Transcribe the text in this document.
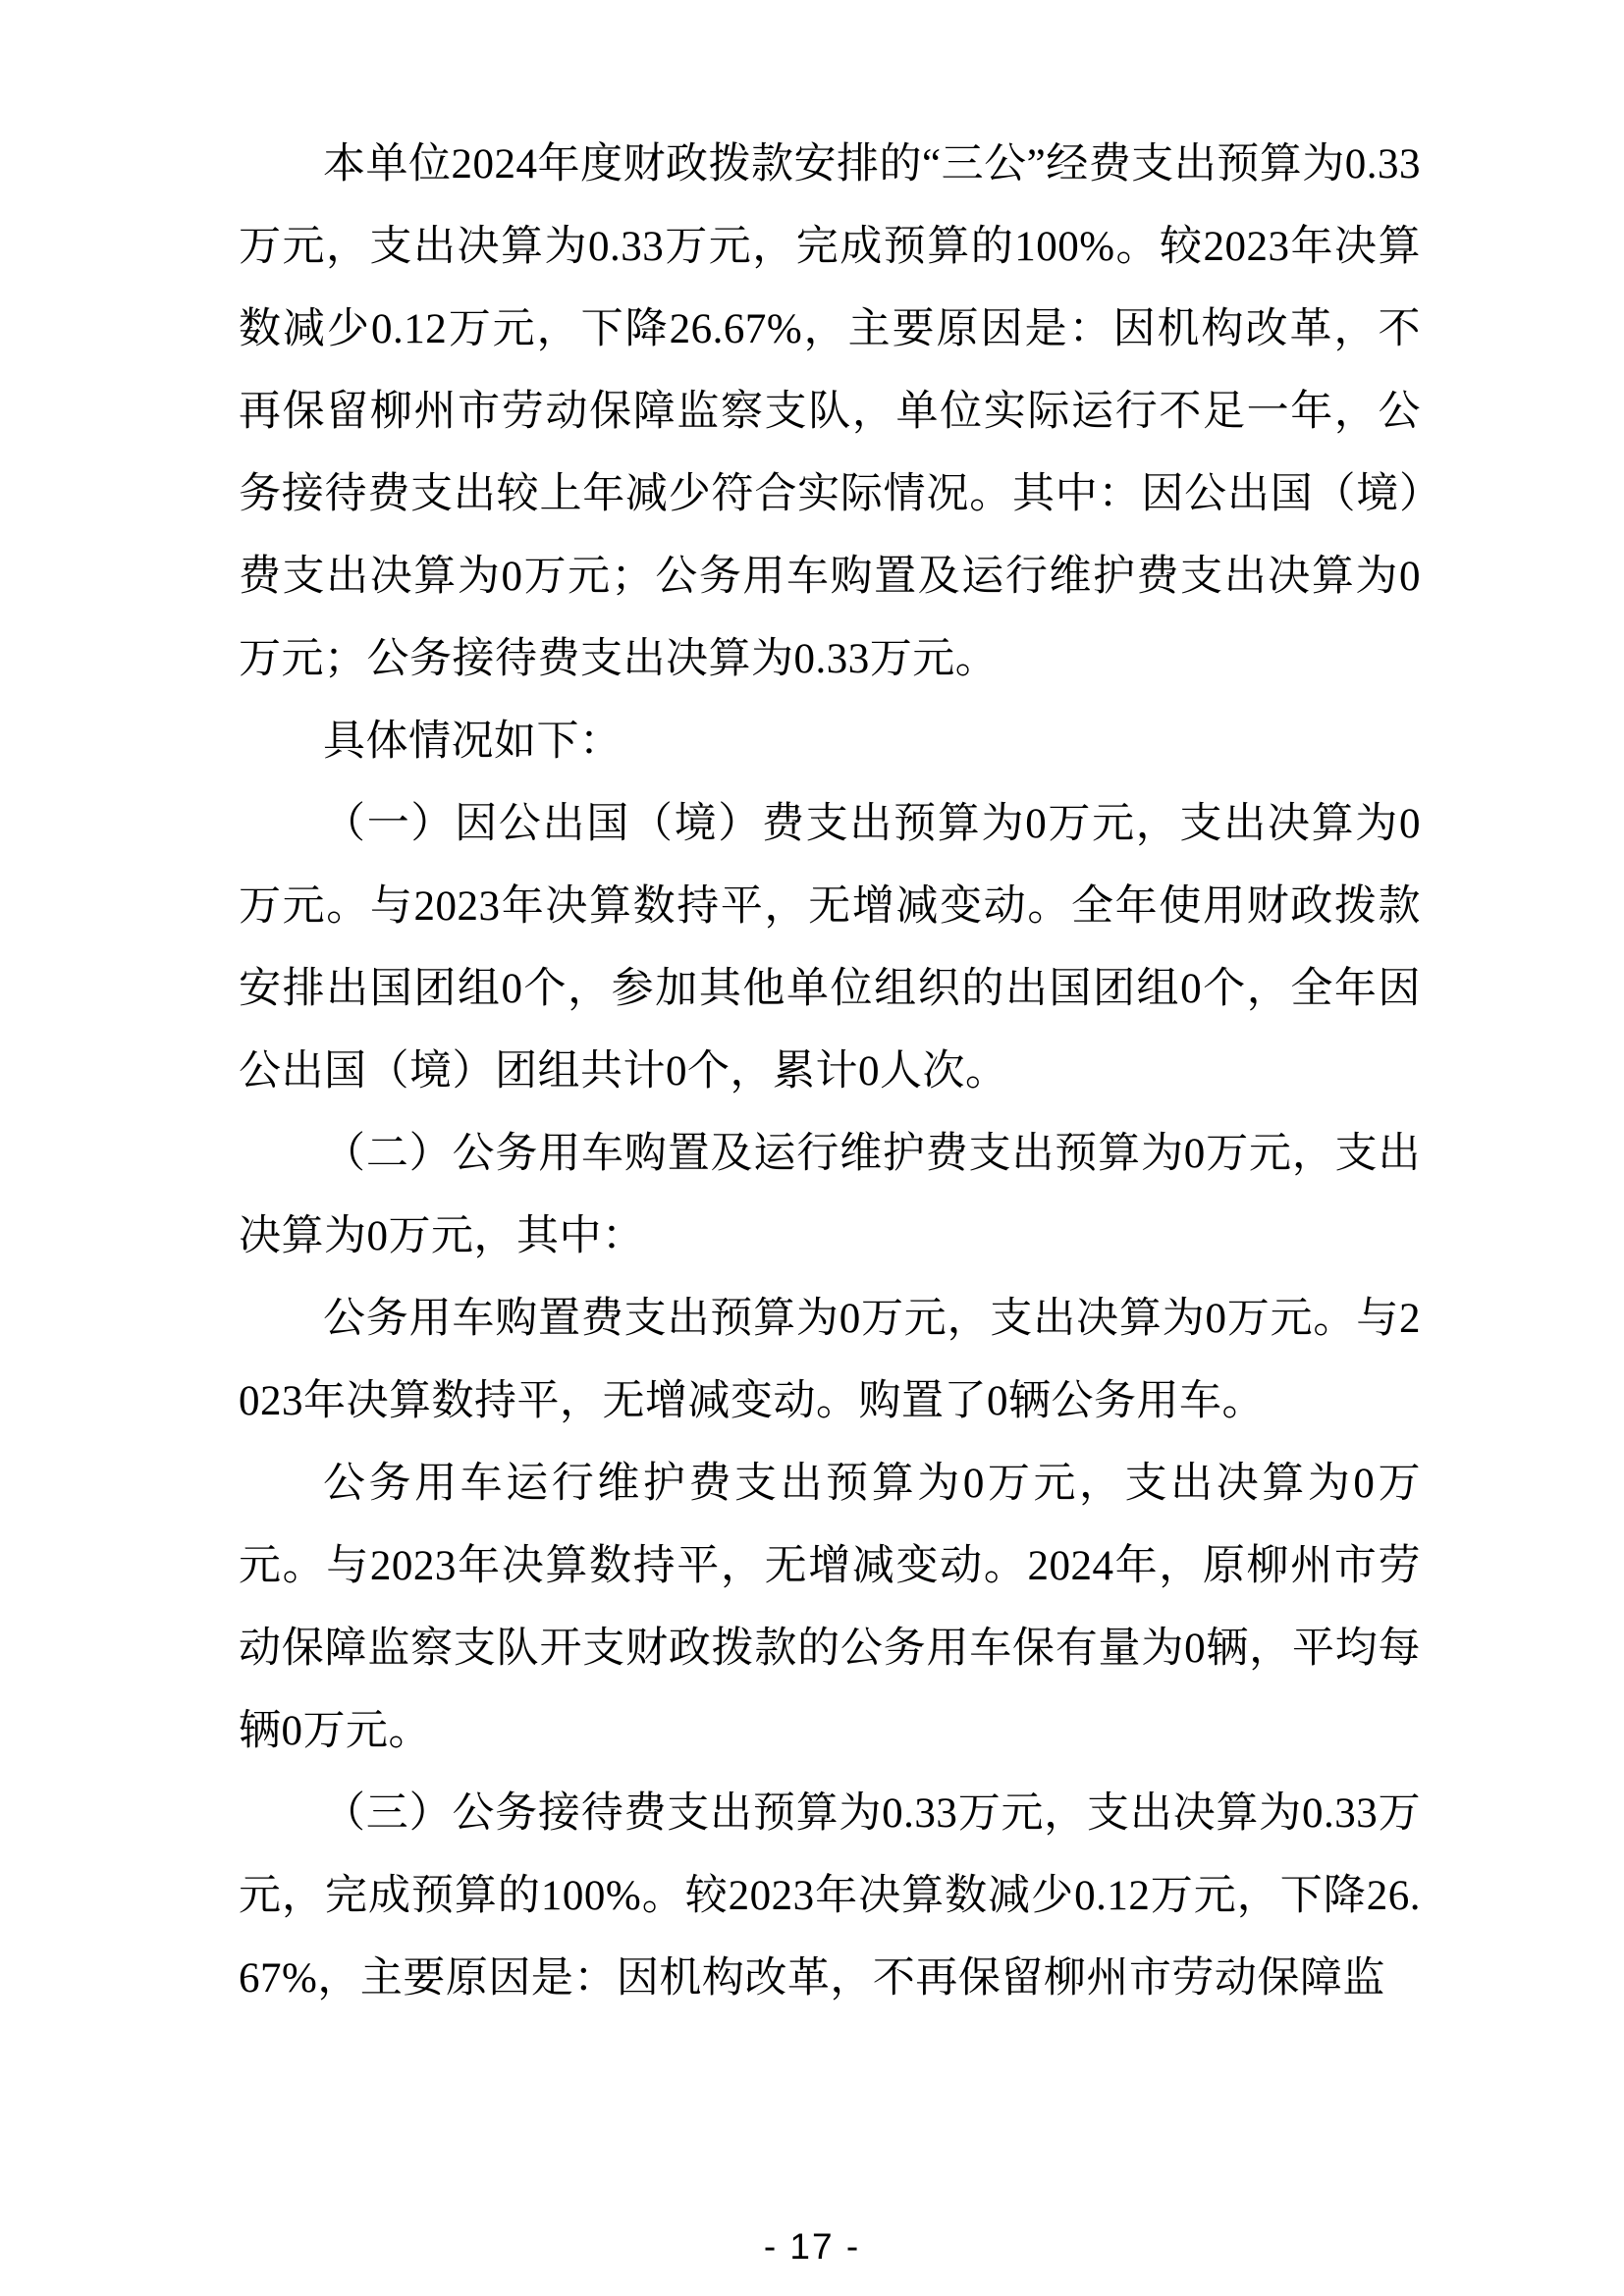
本单位2024年度财政拨款安排的“三公”经费支出预算为0.33万元，支出决算为0.33万元，完成预算的100%。较2023年决算数减少0.12万元，下降26.67%，主要原因是：因机构改革，不再保留柳州市劳动保障监察支队，单位实际运行不足一年，公务接待费支出较上年减少符合实际情况。其中：因公出国（境）费支出决算为0万元；公务用车购置及运行维护费支出决算为0万元；公务接待费支出决算为0.33万元。

具体情况如下：

（一）因公出国（境）费支出预算为0万元，支出决算为0万元。与2023年决算数持平，无增减变动。全年使用财政拨款安排出国团组0个，参加其他单位组织的出国团组0个，全年因公出国（境）团组共计0个，累计0人次。

（二）公务用车购置及运行维护费支出预算为0万元，支出决算为0万元，其中：

公务用车购置费支出预算为0万元，支出决算为0万元。与2023年决算数持平，无增减变动。购置了0辆公务用车。

公务用车运行维护费支出预算为0万元，支出决算为0万元。与2023年决算数持平，无增减变动。2024年，原柳州市劳动保障监察支队开支财政拨款的公务用车保有量为0辆，平均每辆0万元。

（三）公务接待费支出预算为0.33万元，支出决算为0.33万元，完成预算的100%。较2023年决算数减少0.12万元，下降26.67%，主要原因是：因机构改革，不再保留柳州市劳动保障监

- 17 -
